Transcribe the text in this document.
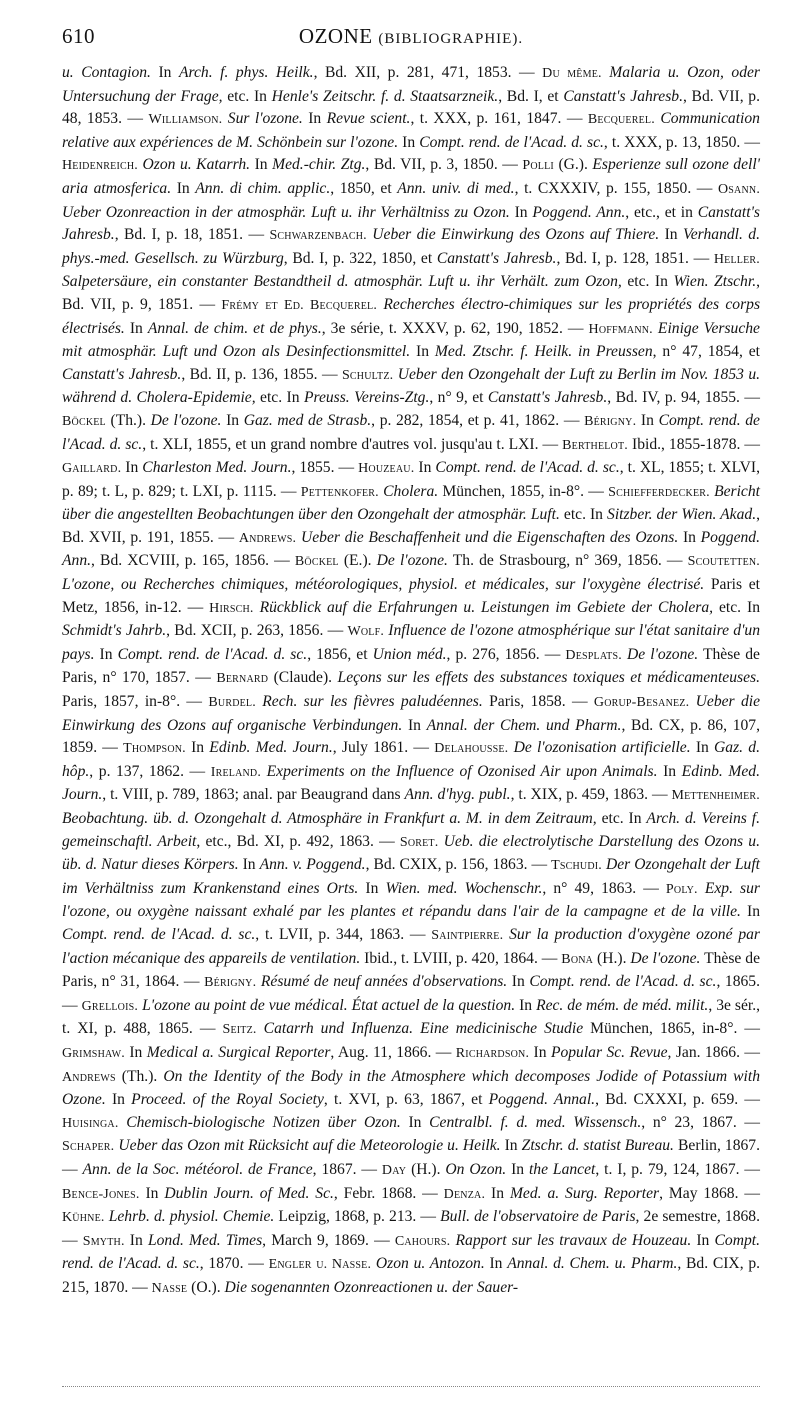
610	OZONE (BIBLIOGRAPHIE).
u. Contagion. In Arch. f. phys. Heilk., Bd. XII, p. 281, 471, 1853. — Du même. Malaria u. Ozon, oder Untersuchung der Frage, etc. In Henle's Zeitschr. f. d. Staatsarzneik., Bd. I, et Canstatt's Jahresb., Bd. VII, p. 48, 1853. — Williamson. Sur l'ozone. In Revue scient., t. XXX, p. 161, 1847. — Becquerel. Communication relative aux expériences de M. Schönbein sur l'ozone. In Compt. rend. de l'Acad. d. sc., t. XXX, p. 13, 1850. — Heidenreich. Ozon u. Katarrh. In Med.-chir. Ztg., Bd. VII, p. 3, 1850. — Polli (G.). Esperienze sull ozone dell' aria atmosferica. In Ann. di chim. applic., 1850, et Ann. univ. di med., t. CXXXIV, p. 155, 1850. — Osann. Ueber Ozonreaction in der atmosphär. Luft u. ihr Verhältniss zu Ozon. In Poggend. Ann., etc., et in Canstatt's Jahresb., Bd. I, p. 18, 1851. — Schwarzenbach. Ueber die Einwirkung des Ozons auf Thiere. In Verhandl. d. phys.-med. Gesellsch. zu Würzburg, Bd. I, p. 322, 1850, et Canstatt's Jahresb., Bd. I, p. 128, 1851. — Heller. Salpetersäure, ein constanter Bestandtheil d. atmosphär. Luft u. ihr Verhält. zum Ozon, etc. In Wien. Ztschr., Bd. VII, p. 9, 1851. — Frémy et Ed. Becquerel. Recherches électro-chimiques sur les propriétés des corps électrisés. In Annal. de chim. et de phys., 3e série, t. XXXV, p. 62, 190, 1852. — Hoffmann. Einige Versuche mit atmosphär. Luft und Ozon als Desinfectionsmittel. In Med. Ztschr. f. Heilk. in Preussen, n° 47, 1854, et Canstatt's Jahresb., Bd. II, p. 136, 1855. — Schultz. Ueber den Ozongehalt der Luft zu Berlin im Nov. 1853 u. während d. Cholera-Epidemie, etc. In Preuss. Vereins-Ztg., n° 9, et Canstatt's Jahresb., Bd. IV, p. 94, 1855. — Böckel (Th.). De l'ozone. In Gaz. med de Strasb., p. 282, 1854, et p. 41, 1862. — Bérigny. In Compt. rend. de l'Acad. d. sc., t. XLI, 1855, et un grand nombre d'autres vol. jusqu'au t. LXI. — Berthelot. Ibid., 1855-1878. — Gaillard. In Charleston Med. Journ., 1855. — Houzeau. In Compt. rend. de l'Acad. d. sc., t. XL, 1855; t. XLVI, p. 89; t. L, p. 829; t. LXI, p. 1115. — Pettenkofer. Cholera. München, 1855, in-8°. — Schiefferdecker. Bericht über die angestellten Beobachtungen über den Ozongehalt der atmosphär. Luft. etc. In Sitzber. der Wien. Akad., Bd. XVII, p. 191, 1855. — Andrews. Ueber die Beschaffenheit und die Eigenschaften des Ozons. In Poggend. Ann., Bd. XCVIII, p. 165, 1856. — Böckel (E.). De l'ozone. Th. de Strasbourg, n° 369, 1856. — Scoutetten. L'ozone, ou Recherches chimiques, météorologiques, physiol. et médicales, sur l'oxygène électrisé. Paris et Metz, 1856, in-12. — Hirsch. Rückblick auf die Erfahrungen u. Leistungen im Gebiete der Cholera, etc. In Schmidt's Jahrb., Bd. XCII, p. 263, 1856. — Wolf. Influence de l'ozone atmosphérique sur l'état sanitaire d'un pays. In Compt. rend. de l'Acad. d. sc., 1856, et Union méd., p. 276, 1856. — Desplats. De l'ozone. Thèse de Paris, n° 170, 1857. — Bernard (Claude). Leçons sur les effets des substances toxiques et médicamenteuses. Paris, 1857, in-8°. — Burdel. Rech. sur les fièvres paludéennes. Paris, 1858. — Gorup-Besanez. Ueber die Einwirkung des Ozons auf organische Verbindungen. In Annal. der Chem. und Pharm., Bd. CX, p. 86, 107, 1859. — Thompson. In Edinb. Med. Journ., July 1861. — Delahousse. De l'ozonisation artificielle. In Gaz. d. hôp., p. 137, 1862. — Ireland. Experiments on the Influence of Ozonised Air upon Animals. In Edinb. Med. Journ., t. VIII, p. 789, 1863; anal. par Beaugrand dans Ann. d'hyg. publ., t. XIX, p. 459, 1863. — Mettenheimer. Beobachtung. üb. d. Ozongehalt d. Atmosphäre in Frankfurt a. M. in dem Zeitraum, etc. In Arch. d. Vereins f. gemeinschaftl. Arbeit, etc., Bd. XI, p. 492, 1863. — Soret. Ueb. die electrolytische Darstellung des Ozons u. üb. d. Natur dieses Körpers. In Ann. v. Poggend., Bd. CXIX, p. 156, 1863. — Tschudi. Der Ozongehalt der Luft im Verhältniss zum Krankenstand eines Orts. In Wien. med. Wochenschr., n° 49, 1863. — Poly. Exp. sur l'ozone, ou oxygène naissant exhalé par les plantes et répandu dans l'air de la campagne et de la ville. In Compt. rend. de l'Acad. d. sc., t. LVII, p. 344, 1863. — Saintpierre. Sur la production d'oxygène ozoné par l'action mécanique des appareils de ventilation. Ibid., t. LVIII, p. 420, 1864. — Bona (H.). De l'ozone. Thèse de Paris, n° 31, 1864. — Bérigny. Résumé de neuf années d'observations. In Compt. rend. de l'Acad. d. sc., 1865. — Grellois. L'ozone au point de vue médical. État actuel de la question. In Rec. de mém. de méd. milit., 3e sér., t. XI, p. 488, 1865. — Seitz. Catarrh und Influenza. Eine medicinische Studie München, 1865, in-8°. — Grimshaw. In Medical a. Surgical Reporter, Aug. 11, 1866. — Richardson. In Popular Sc. Revue, Jan. 1866. — Andrews (Th.). On the Identity of the Body in the Atmosphere which decomposes Jodide of Potassium with Ozone. In Proceed. of the Royal Society, t. XVI, p. 63, 1867, et Poggend. Annal., Bd. CXXXI, p. 659. — Huisinga. Chemisch-biologische Notizen über Ozon. In Centralbl. f. d. med. Wissensch., n° 23, 1867. — Schaper. Ueber das Ozon mit Rücksicht auf die Meteorologie u. Heilk. In Ztschr. d. statist Bureau. Berlin, 1867. — Ann. de la Soc. météorol. de France, 1867. — Day (H.). On Ozon. In the Lancet, t. I, p. 79, 124, 1867. — Bence-Jones. In Dublin Journ. of Med. Sc., Febr. 1868. — Denza. In Med. a. Surg. Reporter, May 1868. — Kühne. Lehrb. d. physiol. Chemie. Leipzig, 1868, p. 213. — Bull. de l'observatoire de Paris, 2e semestre, 1868. — Smyth. In Lond. Med. Times, March 9, 1869. — Cahours. Rapport sur les travaux de Houzeau. In Compt. rend. de l'Acad. d. sc., 1870. — Engler u. Nasse. Ozon u. Antozon. In Annal. d. Chem. u. Pharm., Bd. CIX, p. 215, 1870. — Nasse (O.). Die sogenannten Ozonreactionen u. der Sauer-
